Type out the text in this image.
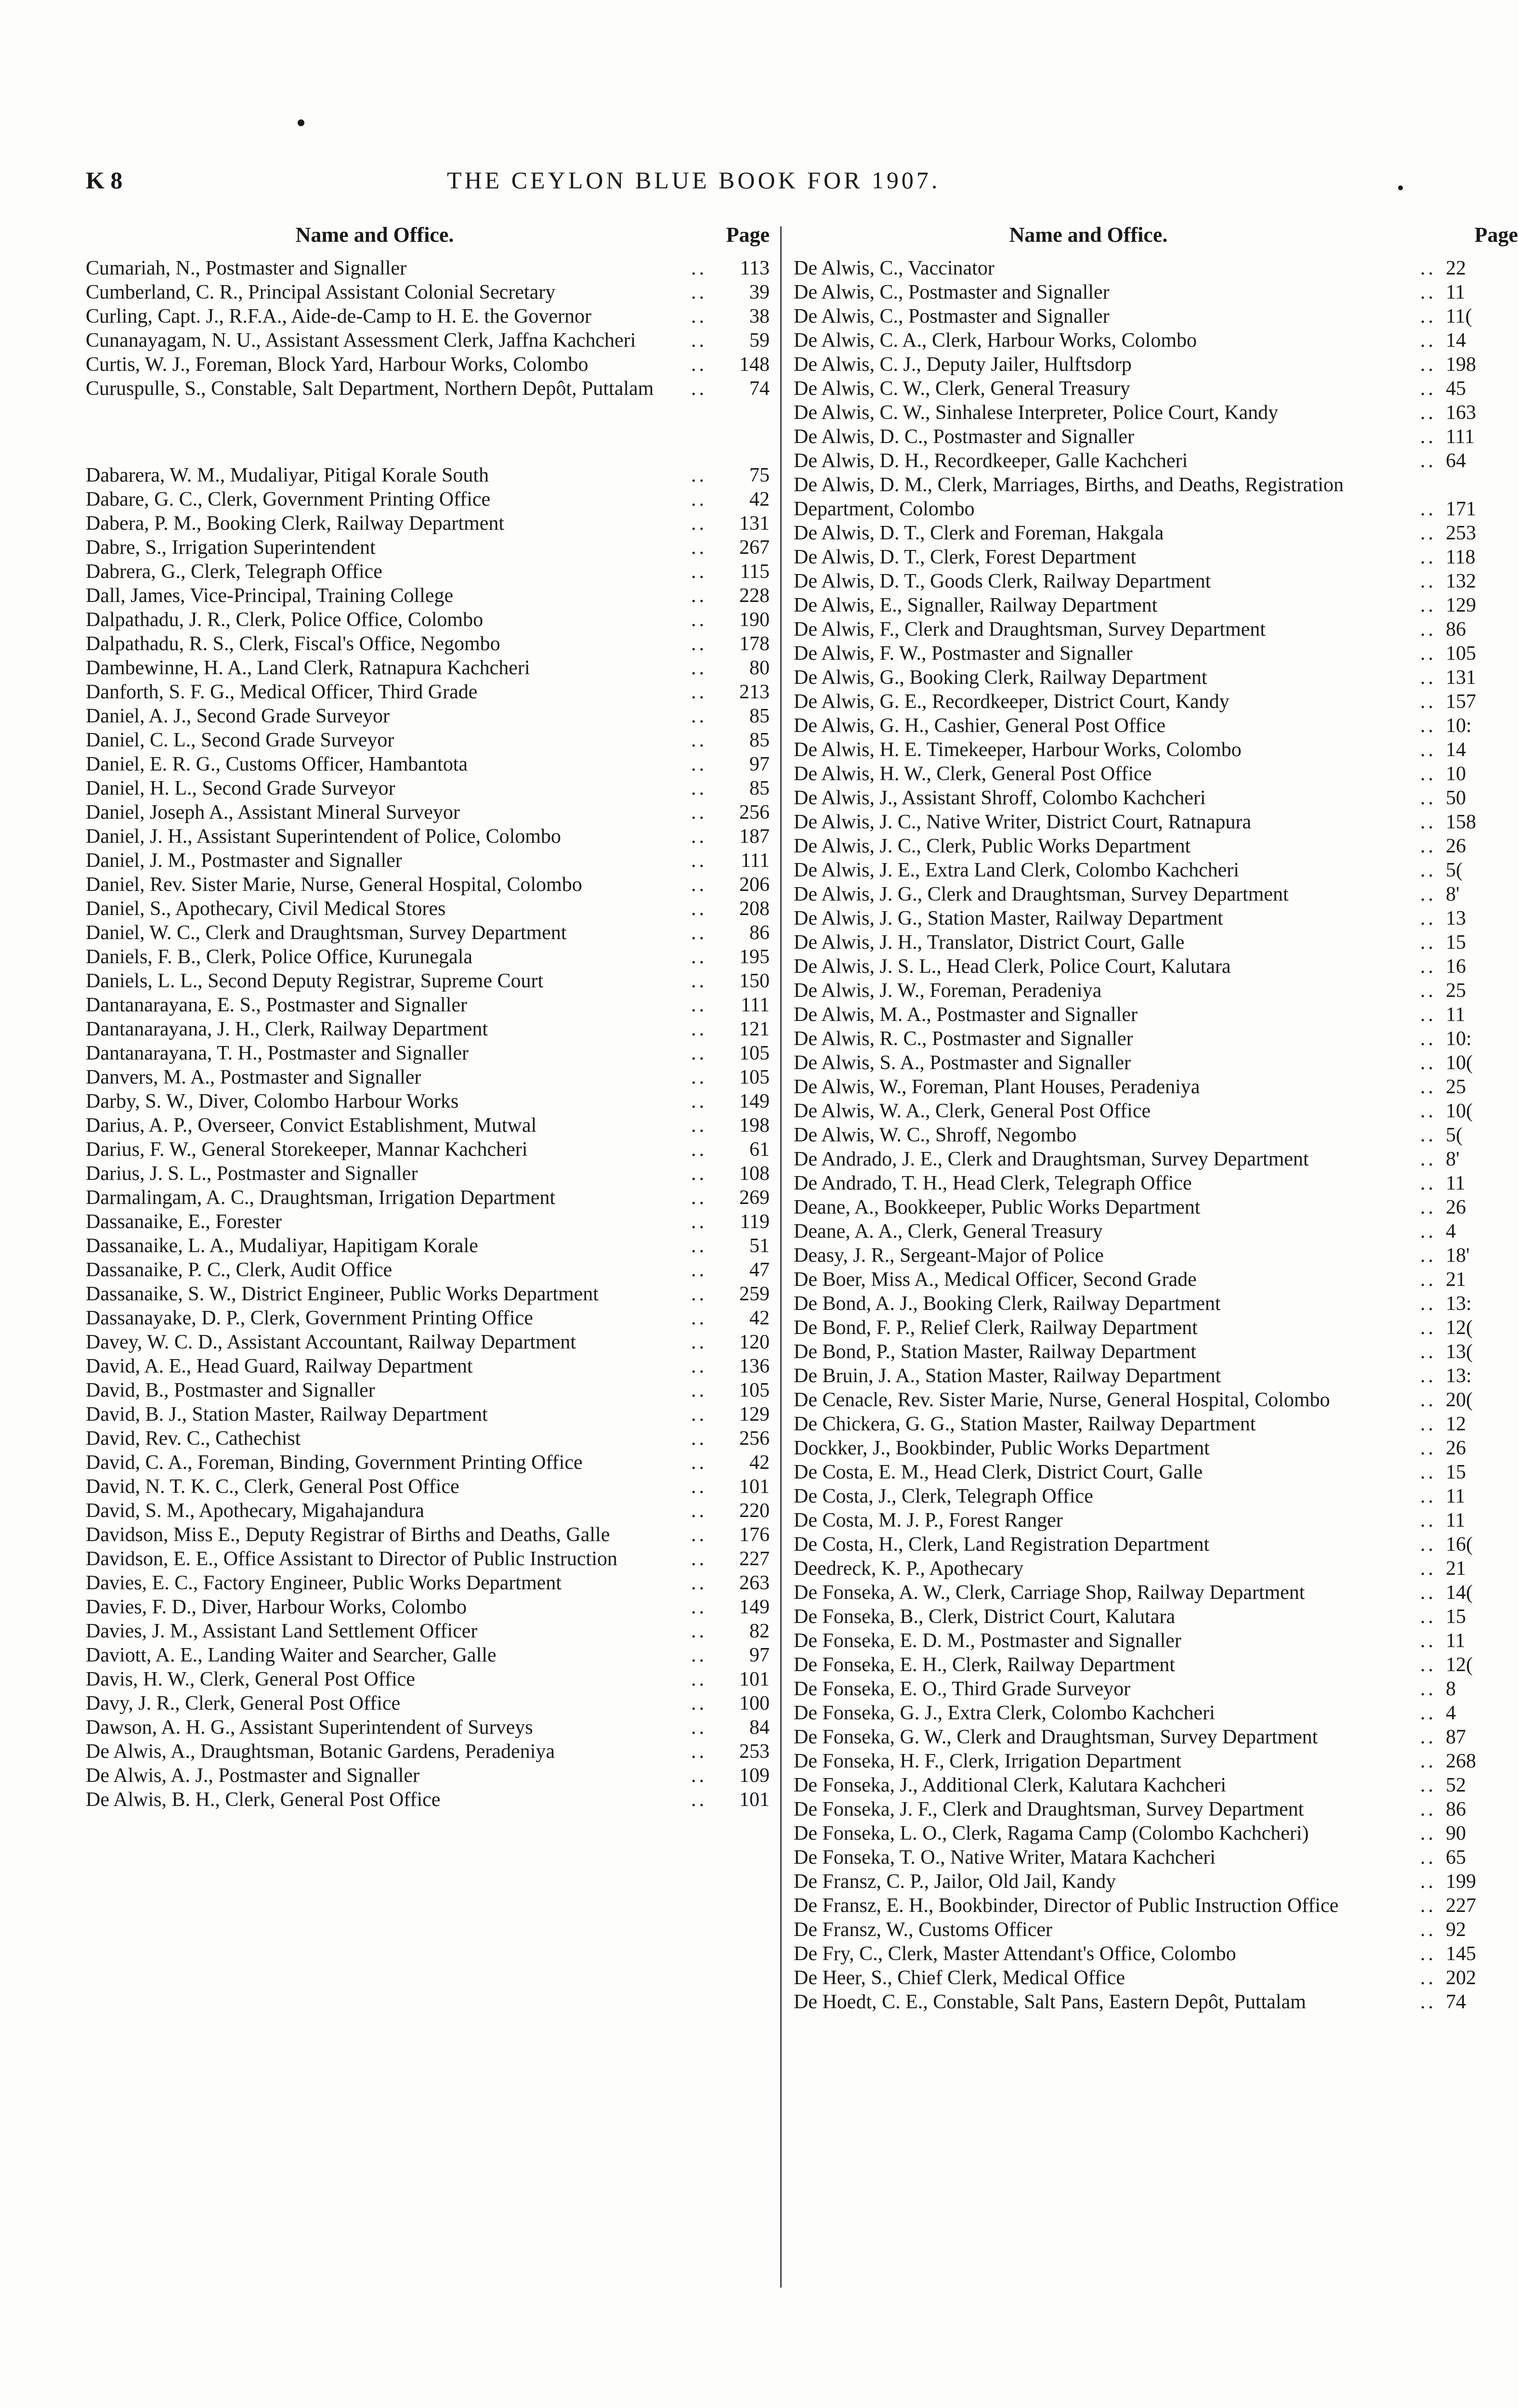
K 8	THE CEYLON BLUE BOOK FOR 1907.
Name and Office.	Page
Cumariah, N., Postmaster and Signaller	..	113
Cumberland, C. R., Principal Assistant Colonial Secretary	..	39
Curling, Capt. J., R.F.A., Aide-de-Camp to H. E. the Governor	..	38
Cunanayagam, N. U., Assistant Assessment Clerk, Jaffna Kachcheri	..	59
Curtis, W. J., Foreman, Block Yard, Harbour Works, Colombo	..	148
Curuspulle, S., Constable, Salt Department, Northern Depôt, Puttalam ..	74
Dabarera, W. M., Mudaliyar, Pitigal Korale South	..	75
Dabare, G. C., Clerk, Government Printing Office	..	42
Dabera, P. M., Booking Clerk, Railway Department	..	131
Dabre, S., Irrigation Superintendent	..	267
Dabrera, G., Clerk, Telegraph Office	..	115
Dall, James, Vice-Principal, Training College	..	228
Dalpathadu, J. R., Clerk, Police Office, Colombo	..	190
Dalpathadu, R. S., Clerk, Fiscal's Office, Negombo	..	178
Dambewinne, H. A., Land Clerk, Ratnapura Kachcheri	..	80
Danforth, S. F. G., Medical Officer, Third Grade	..	213
Daniel, A. J., Second Grade Surveyor	..	85
Daniel, C. L., Second Grade Surveyor	..	85
Daniel, E. R. G., Customs Officer, Hambantota	..	97
Daniel, H. L., Second Grade Surveyor	..	85
Daniel, Joseph A., Assistant Mineral Surveyor	..	256
Daniel, J. H., Assistant Superintendent of Police, Colombo	..	187
Daniel, J. M., Postmaster and Signaller	..	111
Daniel, Rev. Sister Marie, Nurse, General Hospital, Colombo	..	206
Daniel, S., Apothecary, Civil Medical Stores	..	208
Daniel, W. C., Clerk and Draughtsman, Survey Department	..	86
Daniels, F. B., Clerk, Police Office, Kurunegala	..	195
Daniels, L. L., Second Deputy Registrar, Supreme Court	..	150
Dantanarayana, E. S., Postmaster and Signaller	..	111
Dantanarayana, J. H., Clerk, Railway Department	..	121
Dantanarayana, T. H., Postmaster and Signaller	..	105
Danvers, M. A., Postmaster and Signaller	..	105
Darby, S. W., Diver, Colombo Harbour Works	..	149
Darius, A. P., Overseer, Convict Establishment, Mutwal	..	198
Darius, F. W., General Storekeeper, Mannar Kachcheri	..	61
Darius, J. S. L., Postmaster and Signaller	..	108
Darmalingam, A. C., Draughtsman, Irrigation Department	..	269
Dassanaike, E., Forester	..	119
Dassanaike, L. A., Mudaliyar, Hapitigam Korale	..	51
Dassanaike, P. C., Clerk, Audit Office	..	47
Dassanaike, S. W., District Engineer, Public Works Department	..	259
Dassanayake, D. P., Clerk, Government Printing Office	..	42
Davey, W. C. D., Assistant Accountant, Railway Department	..	120
David, A. E., Head Guard, Railway Department	..	136
David, B., Postmaster and Signaller	..	105
David, B. J., Station Master, Railway Department	..	129
David, Rev. C., Cathechist	..	256
David, C. A., Foreman, Binding, Government Printing Office	..	42
David, N. T. K. C., Clerk, General Post Office	..	101
David, S. M., Apothecary, Migahajandura	..	220
Davidson, Miss E., Deputy Registrar of Births and Deaths, Galle	..	176
Davidson, E. E., Office Assistant to Director of Public Instruction	..	227
Davies, E. C., Factory Engineer, Public Works Department	..	263
Davies, F. D., Diver, Harbour Works, Colombo	..	149
Davies, J. M., Assistant Land Settlement Officer	..	82
Daviott, A. E., Landing Waiter and Searcher, Galle	..	97
Davis, H. W., Clerk, General Post Office	..	101
Davy, J. R., Clerk, General Post Office	..	100
Dawson, A. H. G., Assistant Superintendent of Surveys	..	84
De Alwis, A., Draughtsman, Botanic Gardens, Peradeniya	..	253
De Alwis, A. J., Postmaster and Signaller	..	109
De Alwis, B. H., Clerk, General Post Office	..	101
Name and Office.	Page
De Alwis, C., Vaccinator	.. 22
De Alwis, C., Postmaster and Signaller	.. 11
De Alwis, C., Postmaster and Signaller	.. 11(
De Alwis, C. A., Clerk, Harbour Works, Colombo	.. 14
De Alwis, C. J., Deputy Jailer, Hulftsdorp	.. 198
De Alwis, C. W., Clerk, General Treasury	.. 45
De Alwis, C. W., Sinhalese Interpreter, Police Court, Kandy	.. 163
De Alwis, D. C., Postmaster and Signaller	.. 111
De Alwis, D. H., Recordkeeper, Galle Kachcheri	.. 64
De Alwis, D. M., Clerk, Marriages, Births, and Deaths, Registration Department, Colombo	.. 171
De Alwis, D. T., Clerk and Foreman, Hakgala	.. 253
De Alwis, D. T., Clerk, Forest Department	.. 118
De Alwis, D. T., Goods Clerk, Railway Department	.. 132
De Alwis, E., Signaller, Railway Department	.. 129
De Alwis, F., Clerk and Draughtsman, Survey Department	.. 86
De Alwis, F. W., Postmaster and Signaller	.. 105
De Alwis, G., Booking Clerk, Railway Department	.. 131
De Alwis, G. E., Recordkeeper, District Court, Kandy	.. 157
De Alwis, G. H., Cashier, General Post Office	.. 10:
De Alwis, H. E. Timekeeper, Harbour Works, Colombo	.. 14
De Alwis, H. W., Clerk, General Post Office	.. 10
De Alwis, J., Assistant Shroff, Colombo Kachcheri	.. 50
De Alwis, J. C., Native Writer, District Court, Ratnapura	.. 158
De Alwis, J. C., Clerk, Public Works Department	.. 26
De Alwis, J. E., Extra Land Clerk, Colombo Kachcheri	.. 5(
De Alwis, J. G., Clerk and Draughtsman, Survey Department	.. 8'
De Alwis, J. G., Station Master, Railway Department	.. 13
De Alwis, J. H., Translator, District Court, Galle	.. 15
De Alwis, J. S. L., Head Clerk, Police Court, Kalutara	.. 16
De Alwis, J. W., Foreman, Peradeniya	.. 25
De Alwis, M. A., Postmaster and Signaller	.. 11
De Alwis, R. C., Postmaster and Signaller	.. 10:
De Alwis, S. A., Postmaster and Signaller	.. 10(
De Alwis, W., Foreman, Plant Houses, Peradeniya	.. 25
De Alwis, W. A., Clerk, General Post Office	.. 10(
De Alwis, W. C., Shroff, Negombo	.. 5(
De Andrado, J. E., Clerk and Draughtsman, Survey Department	.. 8'
De Andrado, T. H., Head Clerk, Telegraph Office	.. 11
Deane, A., Bookkeeper, Public Works Department	.. 26
Deane, A. A., Clerk, General Treasury	.. 4
Deasy, J. R., Sergeant-Major of Police	.. 18'
De Boer, Miss A., Medical Officer, Second Grade	.. 21
De Bond, A. J., Booking Clerk, Railway Department	.. 13:
De Bond, F. P., Relief Clerk, Railway Department	.. 12(
De Bond, P., Station Master, Railway Department	.. 13(
De Bruin, J. A., Station Master, Railway Department	.. 13:
De Cenacle, Rev. Sister Marie, Nurse, General Hospital, Colombo	.. 20(
De Chickera, G. G., Station Master, Railway Department	.. 12
Dockker, J., Bookbinder, Public Works Department	.. 26
De Costa, E. M., Head Clerk, District Court, Galle	.. 15
De Costa, J., Clerk, Telegraph Office	.. 11
De Costa, M. J. P., Forest Ranger	.. 11
De Costa, H., Clerk, Land Registration Department	.. 16(
Deedreck, K. P., Apothecary	.. 21
De Fonseka, A. W., Clerk, Carriage Shop, Railway Department	.. 14(
De Fonseka, B., Clerk, District Court, Kalutara	.. 15
De Fonseka, E. D. M., Postmaster and Signaller	.. 11
De Fonseka, E. H., Clerk, Railway Department	.. 12(
De Fonseka, E. O., Third Grade Surveyor	.. 8
De Fonseka, G. J., Extra Clerk, Colombo Kachcheri	.. 4
De Fonseka, G. W., Clerk and Draughtsman, Survey Department	.. 87
De Fonseka, H. F., Clerk, Irrigation Department	.. 268
De Fonseka, J., Additional Clerk, Kalutara Kachcheri	.. 52
De Fonseka, J. F., Clerk and Draughtsman, Survey Department	.. 86
De Fonseka, L. O., Clerk, Ragama Camp (Colombo Kachcheri)	.. 90
De Fonseka, T. O., Native Writer, Matara Kachcheri	.. 65
De Fransz, C. P., Jailor, Old Jail, Kandy	.. 199
De Fransz, E. H., Bookbinder, Director of Public Instruction Office	.. 227
De Fransz, W., Customs Officer	.. 92
De Fry, C., Clerk, Master Attendant's Office, Colombo	.. 145
De Heer, S., Chief Clerk, Medical Office	.. 202
De Hoedt, C. E., Constable, Salt Pans, Eastern Depôt, Puttalam	.. 74
